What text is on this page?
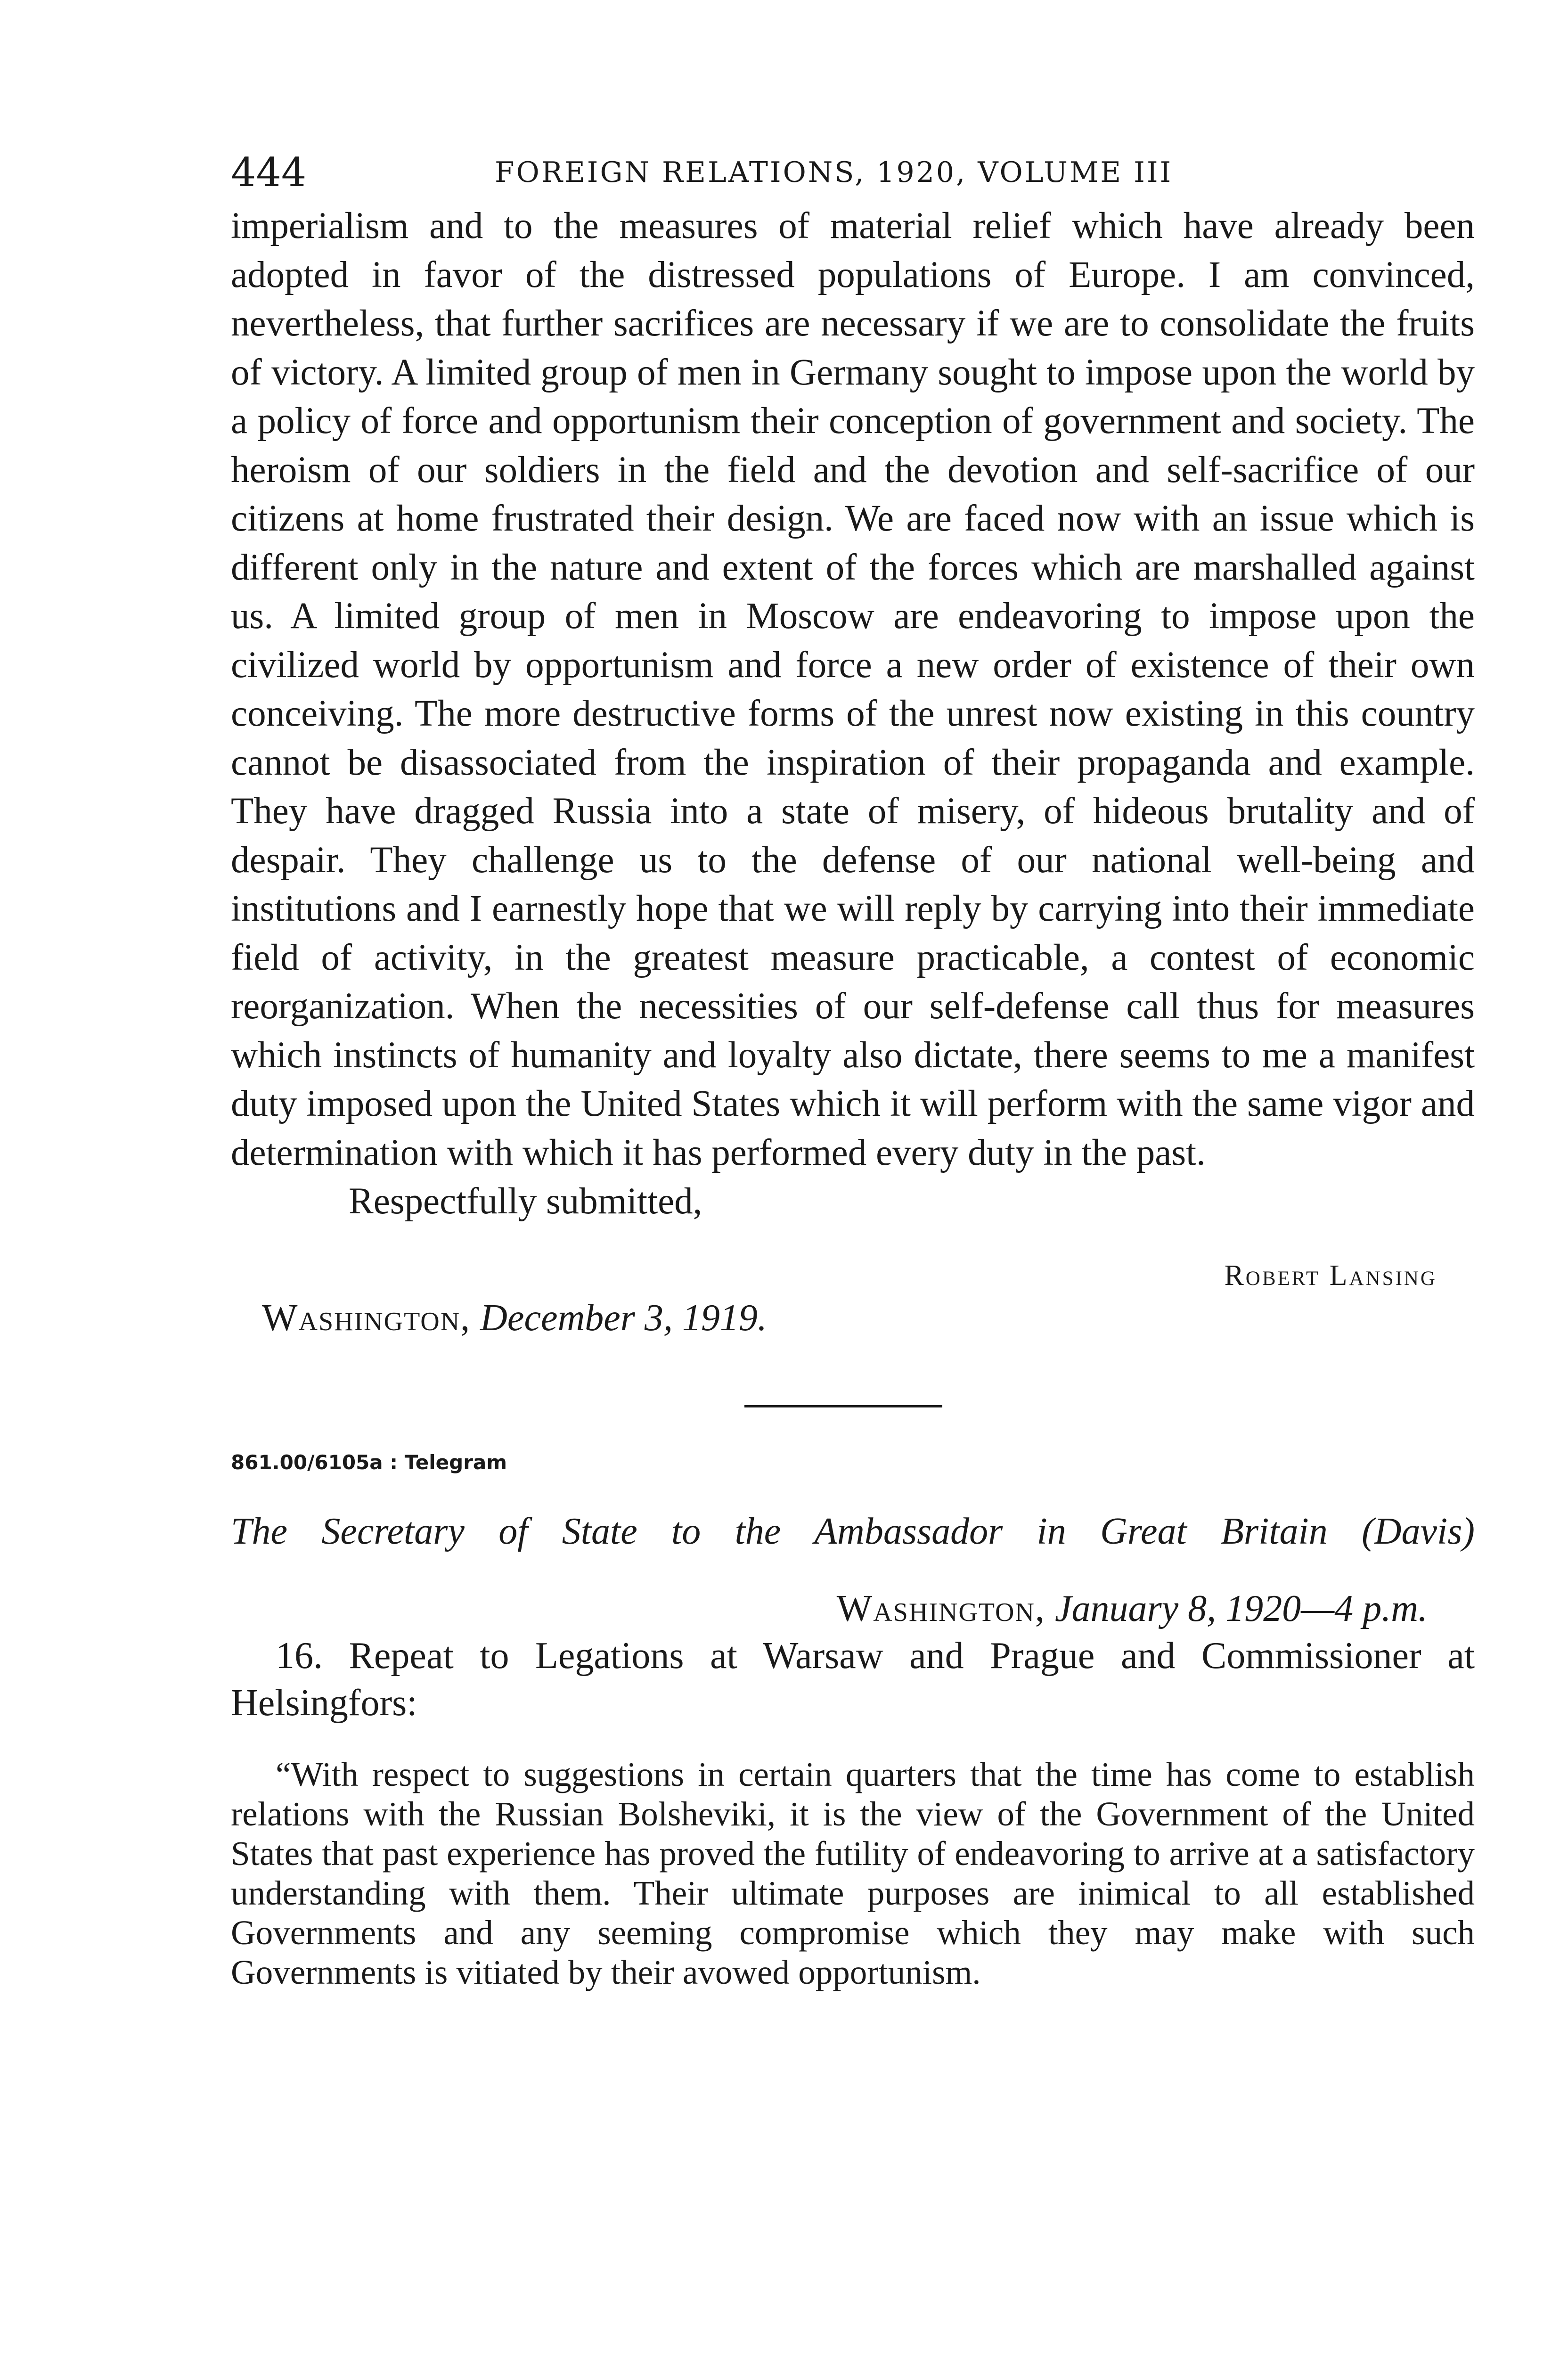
444	FOREIGN RELATIONS, 1920, VOLUME III

imperialism and to the measures of material relief which have already been adopted in favor of the distressed populations of Europe. I am convinced, nevertheless, that further sacrifices are necessary if we are to consolidate the fruits of victory. A limited group of men in Germany sought to impose upon the world by a policy of force and opportunism their conception of government and society. The heroism of our soldiers in the field and the devotion and self-sacrifice of our citizens at home frustrated their design. We are faced now with an issue which is different only in the nature and extent of the forces which are marshalled against us. A limited group of men in Moscow are endeavoring to impose upon the civilized world by opportunism and force a new order of existence of their own conceiving. The more destructive forms of the unrest now existing in this country cannot be disassociated from the inspiration of their propaganda and example. They have dragged Russia into a state of misery, of hideous brutality and of despair. They challenge us to the defense of our national well-being and institutions and I earnestly hope that we will reply by carrying into their immediate field of activity, in the greatest measure practicable, a contest of economic reorganization. When the necessities of our self-defense call thus for measures which instincts of humanity and loyalty also dictate, there seems to me a manifest duty imposed upon the United States which it will perform with the same vigor and determination with which it has performed every duty in the past.

Respectfully submitted,

Robert Lansing
Washington, December 3, 1919.
861.00/6105a : Telegram
The Secretary of State to the Ambassador in Great Britain (Davis)
Washington, January 8, 1920—4 p.m.

16. Repeat to Legations at Warsaw and Prague and Commissioner at Helsingfors:

“With respect to suggestions in certain quarters that the time has come to establish relations with the Russian Bolsheviki, it is the view of the Government of the United States that past experience has proved the futility of endeavoring to arrive at a satisfactory understanding with them. Their ultimate purposes are inimical to all established Governments and any seeming compromise which they may make with such Governments is vitiated by their avowed opportunism.
